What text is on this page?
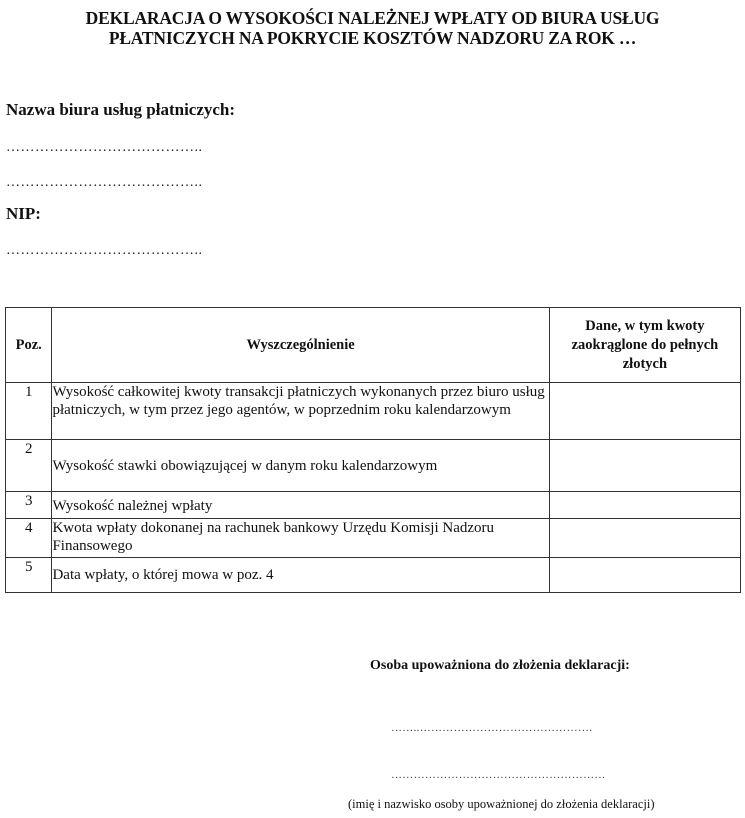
DEKLARACJA O WYSOKOŚCI NALEŻNEJ WPŁATY OD BIURA USŁUG
PŁATNICZYCH NA POKRYCIE KOSZTÓW NADZORU ZA ROK …
Nazwa biura usług płatniczych:
…………………………………..
…………………………………..
NIP:
…………………………………..
Poz.	Wyszczególnienie	Dane, w tym kwoty zaokrąglone do pełnych złotych
1	Wysokość całkowitej kwoty transakcji płatniczych wykonanych przez biuro usług płatniczych, w tym przez jego agentów, w poprzednim roku kalendarzowym	
2	Wysokość stawki obowiązującej w danym roku kalendarzowym	
3	Wysokość należnej wpłaty	
4	Kwota wpłaty dokonanej na rachunek bankowy Urzędu Komisji Nadzoru Finansowego	
5	Data wpłaty, o której mowa w poz. 4	
Osoba upoważniona do złożenia deklaracji:
……..……………………………………….
…………………………………………………
(imię i nazwisko osoby upoważnionej do złożenia deklaracji)
